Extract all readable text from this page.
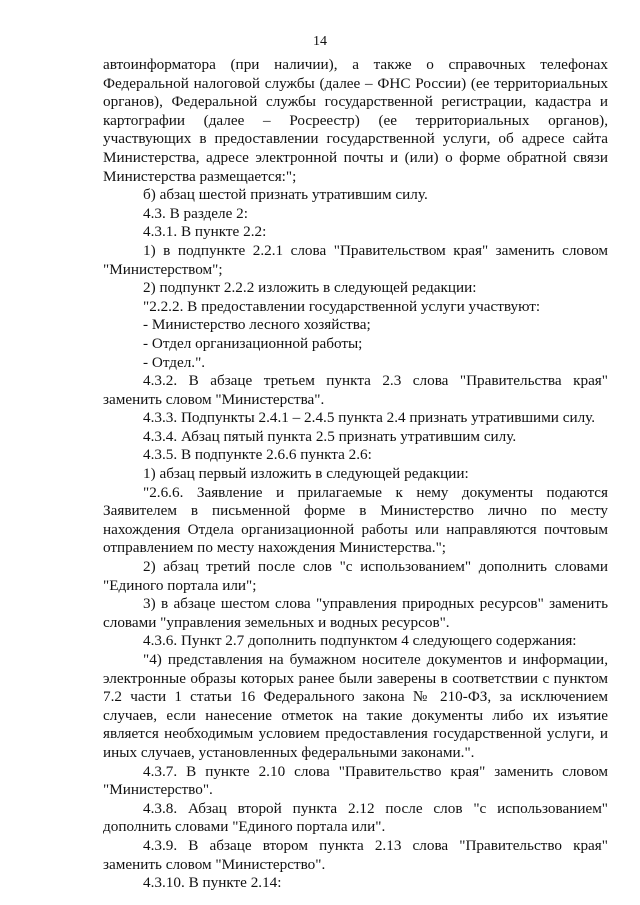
14

автоинформатора (при наличии), а также о справочных телефонах Федеральной налоговой службы (далее – ФНС России) (ее территориальных органов), Федеральной службы государственной регистрации, кадастра и картографии (далее – Росреестр) (ее территориальных органов), участвующих в предоставлении государственной услуги, об адресе сайта Министерства, адресе электронной почты и (или) о форме обратной связи Министерства размещается:";

б) абзац шестой признать утратившим силу.

4.3. В разделе 2:

4.3.1. В пункте 2.2:

1) в подпункте 2.2.1 слова "Правительством края" заменить словом "Министерством";

2) подпункт 2.2.2 изложить в следующей редакции:

"2.2.2. В предоставлении государственной услуги участвуют:

- Министерство лесного хозяйства;

- Отдел организационной работы;

- Отдел.".

4.3.2. В абзаце третьем пункта 2.3 слова "Правительства края" заменить словом "Министерства".

4.3.3. Подпункты 2.4.1 – 2.4.5 пункта 2.4 признать утратившими силу.

4.3.4. Абзац пятый пункта 2.5 признать утратившим силу.

4.3.5. В подпункте 2.6.6 пункта 2.6:

1) абзац первый изложить в следующей редакции:

"2.6.6. Заявление и прилагаемые к нему документы подаются Заявителем в письменной форме в Министерство лично по месту нахождения Отдела организационной работы или направляются почтовым отправлением по месту нахождения Министерства.";

2) абзац третий после слов "с использованием" дополнить словами "Единого портала или";

3) в абзаце шестом слова "управления природных ресурсов" заменить словами "управления земельных и водных ресурсов".

4.3.6. Пункт 2.7 дополнить подпунктом 4 следующего содержания:

"4) представления на бумажном носителе документов и информации, электронные образы которых ранее были заверены в соответствии с пунктом 7.2 части 1 статьи 16 Федерального закона № 210-ФЗ, за исключением случаев, если нанесение отметок на такие документы либо их изъятие является необходимым условием предоставления государственной услуги, и иных случаев, установленных федеральными законами.".

4.3.7. В пункте 2.10 слова "Правительство края" заменить словом "Министерство".

4.3.8. Абзац второй пункта 2.12 после слов "с использованием" дополнить словами "Единого портала или".

4.3.9. В абзаце втором пункта 2.13 слова "Правительство края" заменить словом "Министерство".

4.3.10. В пункте 2.14:
